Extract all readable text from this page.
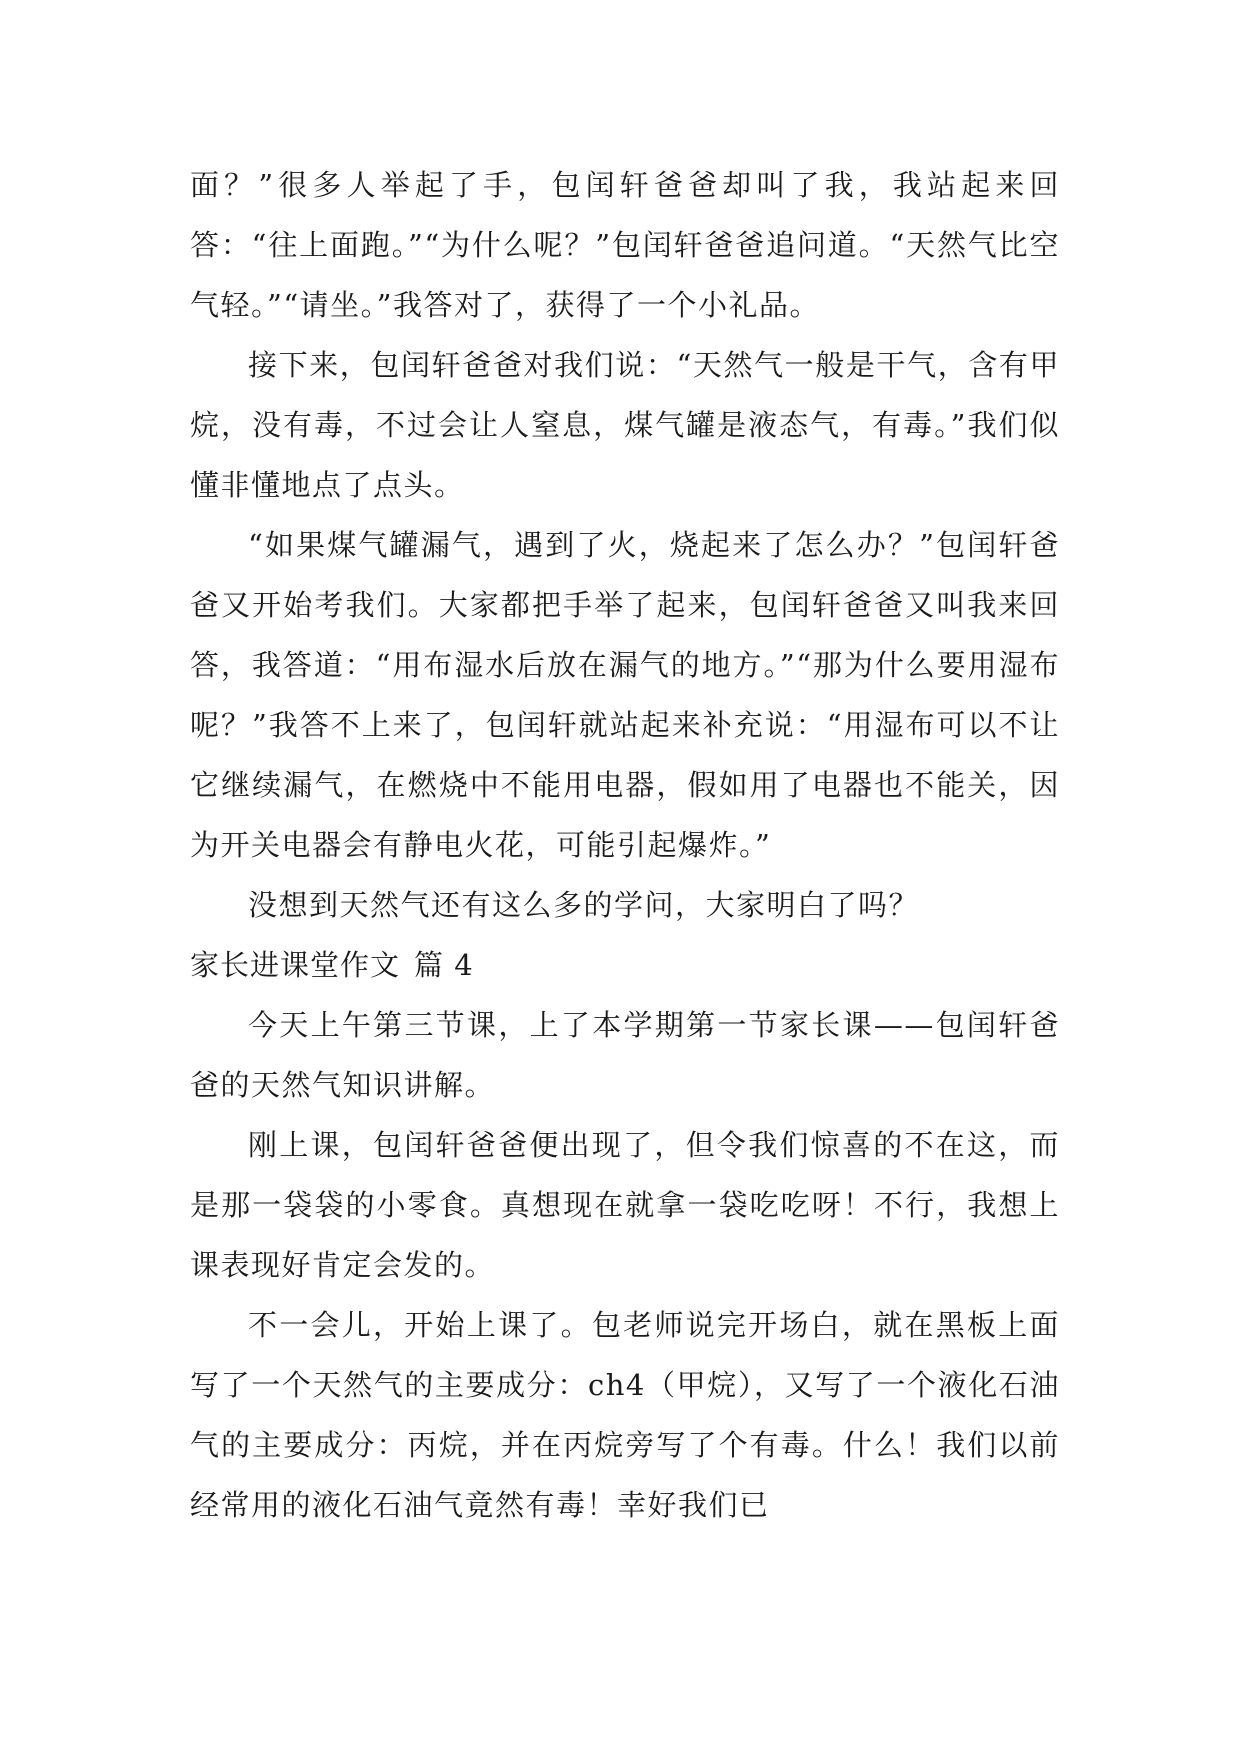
面？”很多人举起了手，包闰轩爸爸却叫了我，我站起来回答：“往上面跑。”“为什么呢？”包闰轩爸爸追问道。“天然气比空气轻。”“请坐。”我答对了，获得了一个小礼品。

接下来，包闰轩爸爸对我们说：“天然气一般是干气，含有甲烷，没有毒，不过会让人窒息，煤气罐是液态气，有毒。”我们似懂非懂地点了点头。

“如果煤气罐漏气，遇到了火，烧起来了怎么办？”包闰轩爸爸又开始考我们。大家都把手举了起来，包闰轩爸爸又叫我来回答，我答道：“用布湿水后放在漏气的地方。”“那为什么要用湿布呢？”我答不上来了，包闰轩就站起来补充说：“用湿布可以不让它继续漏气，在燃烧中不能用电器，假如用了电器也不能关，因为开关电器会有静电火花，可能引起爆炸。”

没想到天然气还有这么多的学问，大家明白了吗？

家长进课堂作文 篇 4

今天上午第三节课，上了本学期第一节家长课——包闰轩爸爸的天然气知识讲解。

刚上课，包闰轩爸爸便出现了，但令我们惊喜的不在这，而是那一袋袋的小零食。真想现在就拿一袋吃吃呀！不行，我想上课表现好肯定会发的。

不一会儿，开始上课了。包老师说完开场白，就在黑板上面写了一个天然气的主要成分：ch4（甲烷），又写了一个液化石油气的主要成分：丙烷，并在丙烷旁写了个有毒。什么！我们以前经常用的液化石油气竟然有毒！幸好我们已
